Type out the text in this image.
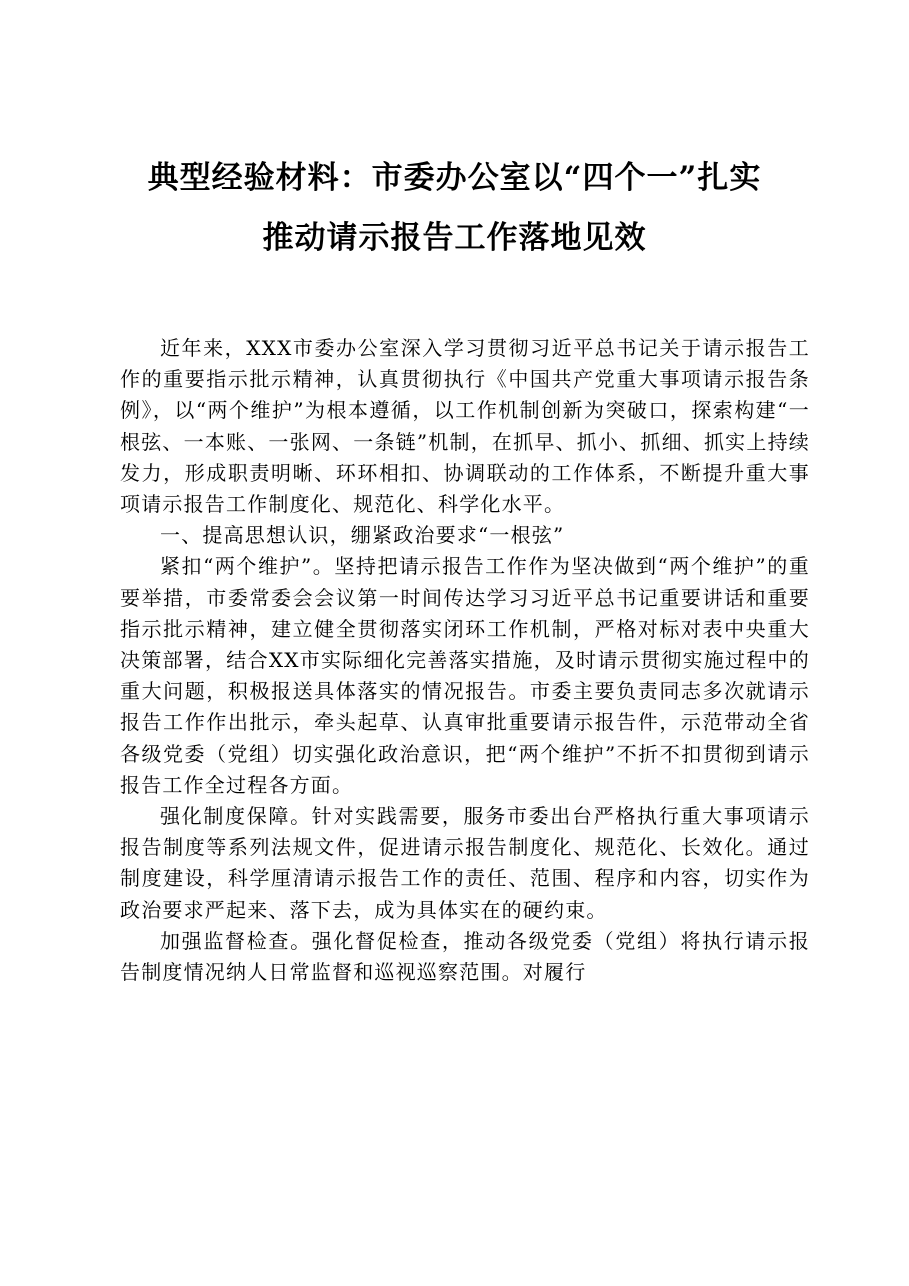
典型经验材料：市委办公室以“四个一”扎实
推动请示报告工作落地见效

近年来，XXX市委办公室深入学习贯彻习近平总书记关于请示报告工作的重要指示批示精神，认真贯彻执行《中国共产党重大事项请示报告条例》，以“两个维护”为根本遵循，以工作机制创新为突破口，探索构建“一根弦、一本账、一张网、一条链”机制，在抓早、抓小、抓细、抓实上持续发力，形成职责明晰、环环相扣、协调联动的工作体系，不断提升重大事项请示报告工作制度化、规范化、科学化水平。

一、提高思想认识，绷紧政治要求“一根弦”

紧扣“两个维护”。坚持把请示报告工作作为坚决做到“两个维护”的重要举措，市委常委会会议第一时间传达学习习近平总书记重要讲话和重要指示批示精神，建立健全贯彻落实闭环工作机制，严格对标对表中央重大决策部署，结合XX市实际细化完善落实措施，及时请示贯彻实施过程中的重大问题，积极报送具体落实的情况报告。市委主要负责同志多次就请示报告工作作出批示，牵头起草、认真审批重要请示报告件，示范带动全省各级党委（党组）切实强化政治意识，把“两个维护”不折不扣贯彻到请示报告工作全过程各方面。

强化制度保障。针对实践需要，服务市委出台严格执行重大事项请示报告制度等系列法规文件，促进请示报告制度化、规范化、长效化。通过制度建设，科学厘清请示报告工作的责任、范围、程序和内容，切实作为政治要求严起来、落下去，成为具体实在的硬约束。

加强监督检查。强化督促检查，推动各级党委（党组）将执行请示报告制度情况纳人日常监督和巡视巡察范围。对履行
